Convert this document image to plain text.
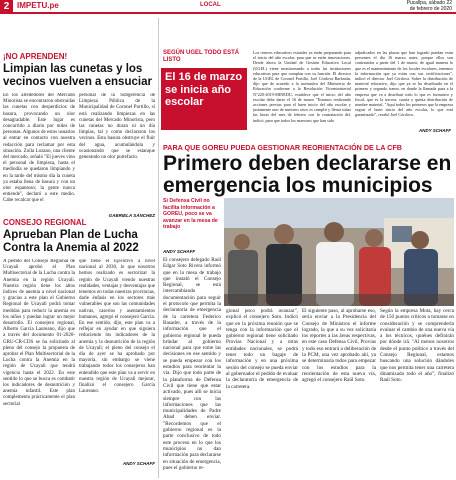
2 IMPETU.pe	LOCAL	Pucallpa, sábado 22
de febrero de 2020
¡NO APRENDEN!
Limpian las cunetas y los vecinos vuelven a ensuciar
En los alrededores del Mercado Minorista se encontraron obstruidas las cunetas con desperdicios de basura, provocando un olor desagradable. Este lugar es concurrido a diario por miles de personas. Algunos de estos usuarios al entrar en contacto con nuestra redacción para reclamar por esta situación. Zoila Lozano, una cliente del mercado, señaló "El jueves vino el personal de limpieza, hasta el mediodía se quedaron limpiando y en la tarde del mismo día la cuneta ya estaba llena de basura y con un olor espantoso; la gente nunca entiende", declaró a este medio. Cabe recalcar que el
personal de la Subgerencia de Limpieza Pública de la Municipalidad de Coronel Portillo, sí está realizando limpiezas en las cunetas del Mercado Minorista, pero las cunetas no duran ni un día limpias, tal y como declararon los vecinos. Esta basura obstruye el fluir del agua, acumulándola y ocasionando que se estanque generando un olor putrefacto.
GABRIELA SÁNCHEZ
CONSEJO REGIONAL
Aprueban Plan de Lucha Contra la Anemia al 2022
A pedido del Consejo Regional de Ucayali aprobó el Plan Multisectorial de la Lucha contra la Anemia en la región Ucayali. Nuestra región tiene los altos índices de anemia a nivel nacional y gracias a este plan el Gobierno Regional de Ucayali podrá tomar medidas para reducir la anemia en los niños y puedan lograr un mejor desarrollo. El consejero regional, Alberto García Laureano, dijo que a través del documento 01-2020-GRU-CR-CDS se ha solicitado al pleno del consejo la propuesta de aprobar el Plan Multisectorial de la Lucha contra la Anemia en la región de Ucayali que tendrá vigencia hasta el 2022. En este sentido lo que se busca es combatir los indicadores de desnutrición y anemia infantil. Este plan complementa prácticamente el plan sectorial
que tiene el Ejecutivo a nivel nacional al 2030, lo que nosotros hemos realizado es sectorizar la región de Ucayali viendo nuestras realidades, ventajas y desventajas que tenemos en todas nuestras provincias, darle énfasis en los sectores más vulnerables que son las comunidades nativas, caseríos y asentamientos humanos, agregó el consejero García. En ese sentido, dijo, este plan va a reflejar en ayudar en que siguiera reduciendo los indicadores de la anemia y la desnutrición de la región de Ucayali; el pleno del consejo el día de ayer se ha aprobado por mayoría, sin embargo se viene trabajando todos los consejeros han entendido que este plan va a servir en nuestra región de Ucayali mejorar, finalizó el consejero García Laureano.
ANDY SCHAFF
SEGÚN UGEL TODO ESTÁ LISTO
El 16 de marzo se inicia año escolar
Los centros educativos estatales ya están preparando para el inicio del año escolar, para que se estén innovaciones. Desde ahora la Unidad de Gestión Educativa Local (UGEL) viene monitoreando a todas las instituciones educativas para que cumplan con su función. El director de la UGEL de Coronel Portillo, Joel Córdova Barbarán, dijo que de acuerdo a la normativa del Ministerio de Educación conforme a la Resolución Viceministerial N°220-2019-MINEDU, establece que el inicio del año escolar debe darse el 16 de marzo "Estamos realizando acciones previas para el buen inicio del año escolar y justamente uno de nuestros retos es cumplir y llenar todas las horas del mes de febrero con la contratación del, indicó, para que todos los maestros que han sido
adjudicados en las plazas que han logrado puedan estar presentes el día 16 marzo antes, porque ellos son contratados a partir del 1 de marzo; de igual manera lo que es el mantenimiento de los locales escolares, tenemos la información que ya están con sus certificaciones", indicó el director Joel Córdova. Sobre la distribución de material educativo, dijo que ya se ha distribuido en el primero y segundo tramo, en donde la llamada para a la empresa que va a distribuir todo lo que es formativo y fiscal, que es la tercera, cuarta y quinta distribución de nombre material. "Aquí todos los primeros que la empresa seguir el buen inicio del año escolar, lo que está garantizado", resaltó Joel Córdova.
ANDY SCHAFF
PARA QUE GOREU PUEDA GESTIONAR REORIENTACIÓN DE LA CFB
Primero deben declararse en emergencia los municipios
Si Defensa Civil no facilita información a GOREU, poco se va avanzar en la mesa de trabajo
ANDY SCHAFF
El consejero delegado Raúl Edgar Soto Rivera informó que en la mesa de trabajo que instaló el Consejo Regional, se está intercambiando documentación para seguir el protocolo que permita la declaratoria de emergencia de la carretera Federico Basadre, a través de la información que el gobierno regional le pueda brindar al gobierno nacional para que tome las decisiones en ese sentido y se pueda empezar con los estudios para reorientar la vía. Dijo que todo parte de la plataforma de Defensa Civil que tiene que estar activado, pues allí se inicia siempre con las informaciones que las municipalidades de Padre Abad deben enviar. "Recordemos que el gobierno regional es la parte conclusivo de todo este proceso en lo que los municipios no dan información para declararse en situación de emergencia, pues el gobierno re-
gional poco podrá avanzar", explicó el consejero Soto. Indicó que en la próxima reunión que se tenga con la información que el gobierno regional tiene solicitado Provías Nacional y a otras entidades nacionales, se podrá tener todo un bagaje de información y en una próxima sesión del consejo se pueda enviar al gobernador el pedido de evaluar la declaratoria de emergencia de la carretera.
El siguiente paso, al aprobarse eso, sería enviar a la Presidencia del Consejo de Ministros el informe logrado, la que a su vez solicitaría los reportes a las áreas respectivas, en este caso Defensa Civil, Provías y todo eso entrará a deliberación de la PCM, una vez aprobado ahí, ya se determinaría todos para empezar con los estudios para la reorientación de esta nueva vía, agregó el consejero Raúl Soto.
Según la empresa Mota, hay cerca de 150 puntos críticos a tomarse en consideración y se comprenderla evaluar el cambio de una nueva vía a los técnicos, quiénes definirán por dónde irá. "Al menos nosotros desde el punto político a través del Consejo Regional, estamos buscando una solución dándoles que nos permita tener una carretera dinamizada todo el año", finalizó Raúl Soto.
